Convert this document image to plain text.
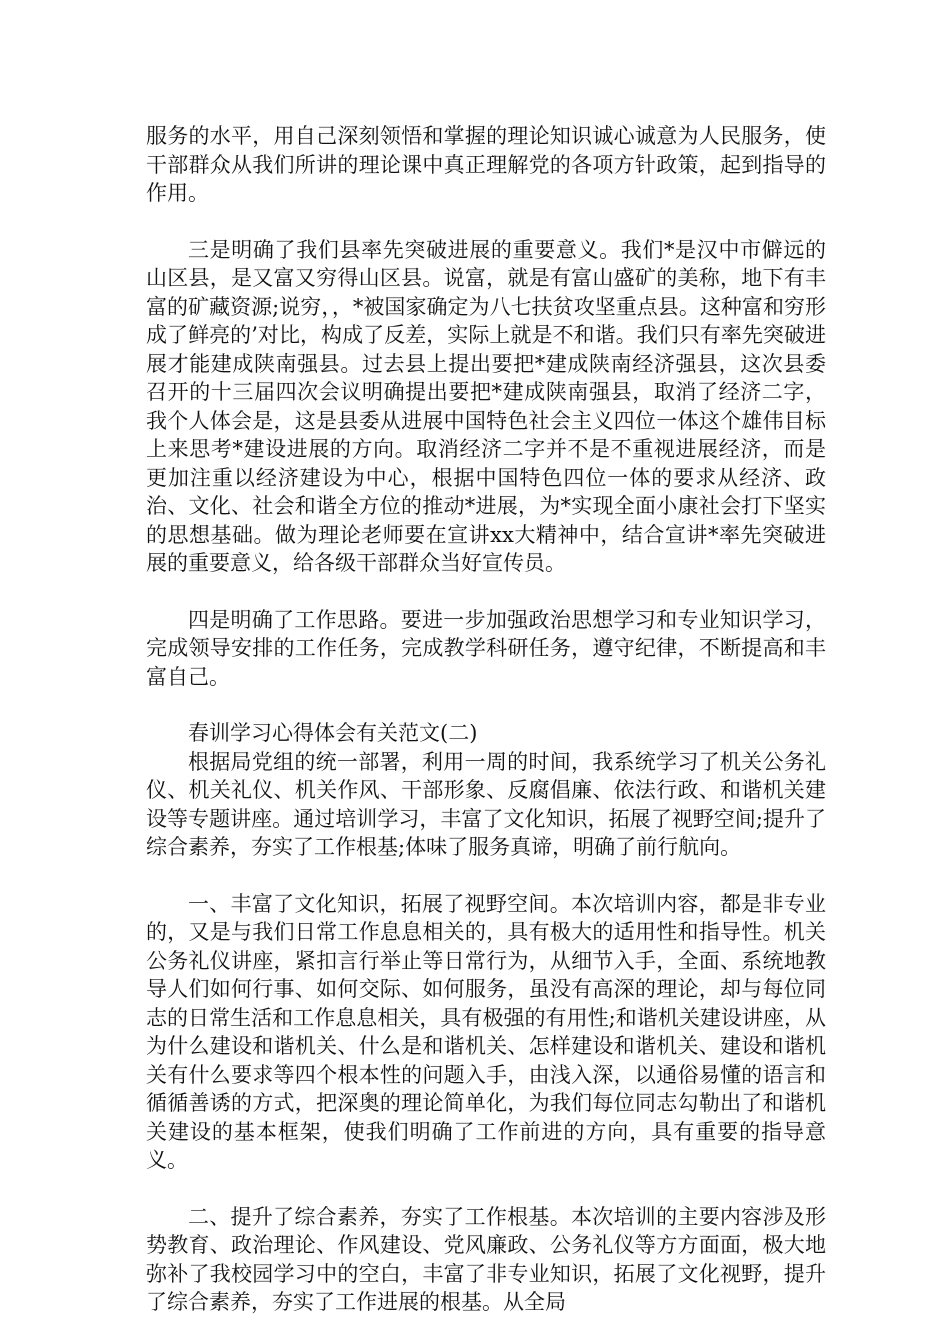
服务的水平，用自己深刻领悟和掌握的理论知识诚心诚意为人民服务，使干部群众从我们所讲的理论课中真正理解党的各项方针政策，起到指导的作用。

三是明确了我们县率先突破进展的重要意义。我们*是汉中市僻远的山区县，是又富又穷得山区县。说富，就是有富山盛矿的美称，地下有丰富的矿藏资源;说穷，，*被国家确定为八七扶贫攻坚重点县。这种富和穷形成了鲜亮的’对比，构成了反差，实际上就是不和谐。我们只有率先突破进展才能建成陕南强县。过去县上提出要把*建成陕南经济强县，这次县委召开的十三届四次会议明确提出要把*建成陕南强县，取消了经济二字，我个人体会是，这是县委从进展中国特色社会主义四位一体这个雄伟目标上来思考*建设进展的方向。取消经济二字并不是不重视进展经济，而是更加注重以经济建设为中心，根据中国特色四位一体的要求从经济、政治、文化、社会和谐全方位的推动*进展，为*实现全面小康社会打下坚实的思想基础。做为理论老师要在宣讲xx大精神中，结合宣讲*率先突破进展的重要意义，给各级干部群众当好宣传员。

四是明确了工作思路。要进一步加强政治思想学习和专业知识学习，完成领导安排的工作任务，完成教学科研任务，遵守纪律，不断提高和丰富自己。

春训学习心得体会有关范文(二)

根据局党组的统一部署，利用一周的时间，我系统学习了机关公务礼仪、机关礼仪、机关作风、干部形象、反腐倡廉、依法行政、和谐机关建设等专题讲座。通过培训学习，丰富了文化知识，拓展了视野空间;提升了综合素养，夯实了工作根基;体味了服务真谛，明确了前行航向。

一、丰富了文化知识，拓展了视野空间。本次培训内容，都是非专业的，又是与我们日常工作息息相关的，具有极大的适用性和指导性。机关公务礼仪讲座，紧扣言行举止等日常行为，从细节入手，全面、系统地教导人们如何行事、如何交际、如何服务，虽没有高深的理论，却与每位同志的日常生活和工作息息相关，具有极强的有用性;和谐机关建设讲座，从为什么建设和谐机关、什么是和谐机关、怎样建设和谐机关、建设和谐机关有什么要求等四个根本性的问题入手，由浅入深，以通俗易懂的语言和循循善诱的方式，把深奥的理论简单化，为我们每位同志勾勒出了和谐机关建设的基本框架，使我们明确了工作前进的方向，具有重要的指导意义。

二、提升了综合素养，夯实了工作根基。本次培训的主要内容涉及形势教育、政治理论、作风建设、党风廉政、公务礼仪等方方面面，极大地弥补了我校园学习中的空白，丰富了非专业知识，拓展了文化视野，提升了综合素养，夯实了工作进展的根基。从全局
